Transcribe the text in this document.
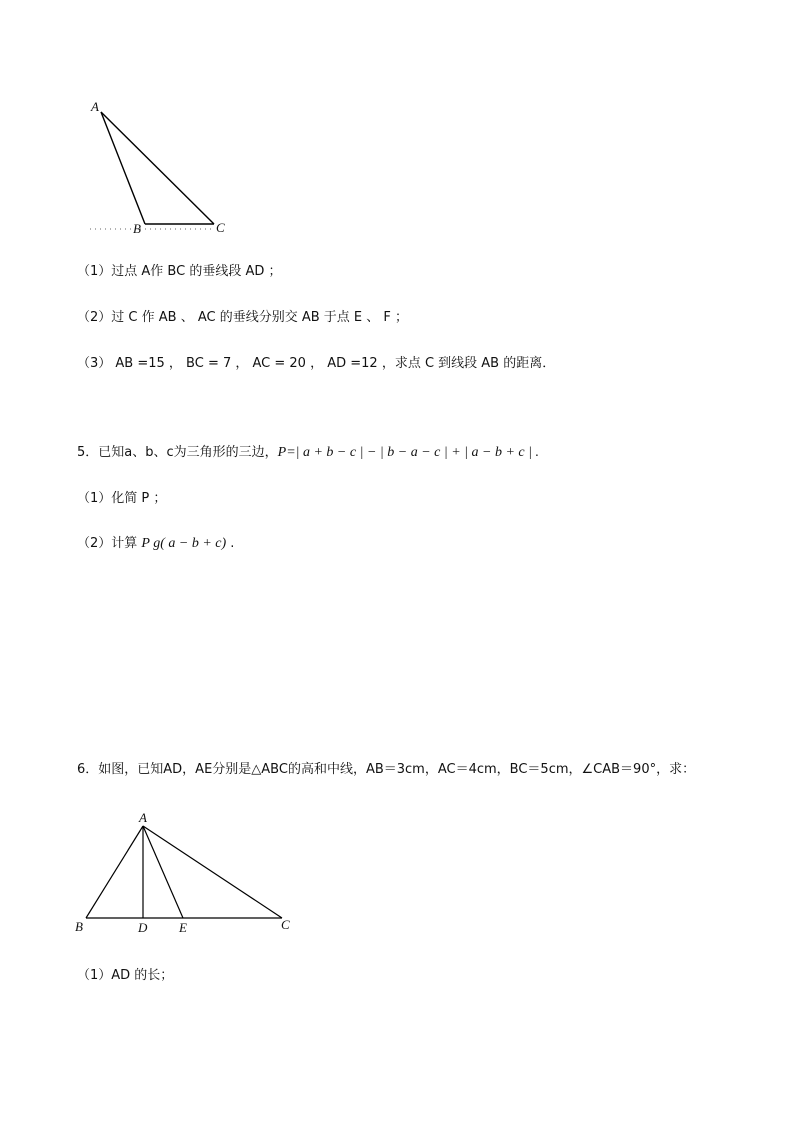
A
B	C
（1）过点 A作 BC 的垂线段 AD ；
（2）过 C 作 AB 、 AC 的垂线分别交 AB 于点 E 、 F ；
（3） AB =15 ， BC = 7 ， AC = 20 ， AD =12 ，求点 C 到线段 AB 的距离．
5．已知a、b、c为三角形的三边，P=| a + b − c | − | b − a − c | + | a − b + c | .
（1）化简 P ；
（2）计算 P g( a − b + c) .
6．如图，已知AD，AE分别是△ABC的高和中线，AB＝3cm，AC＝4cm，BC＝5cm，∠CAB＝90°，求：
A
B	D E	C
（1）AD 的长；
